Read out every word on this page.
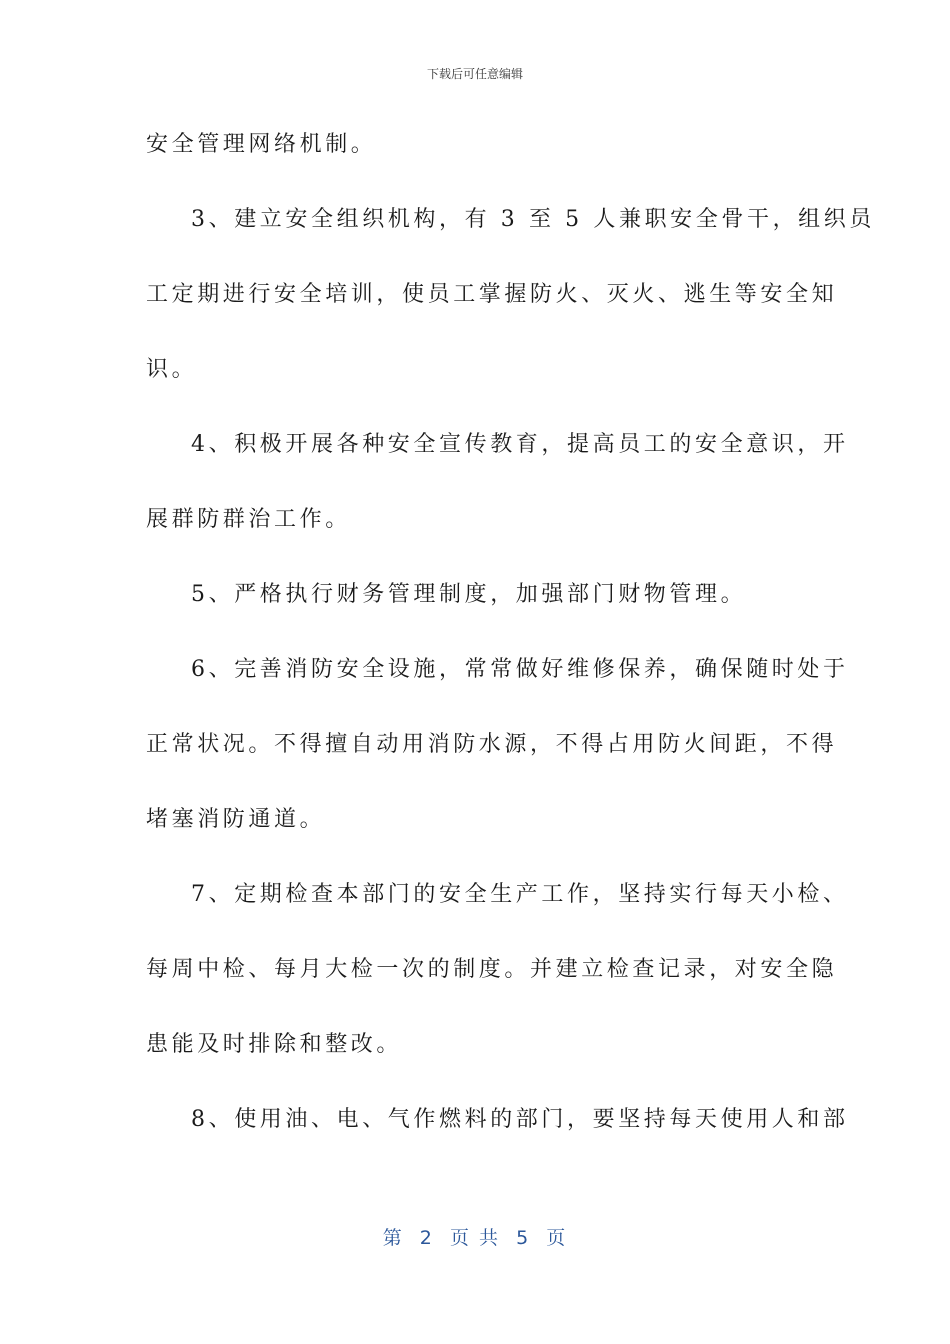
下载后可任意编辑
安全管理网络机制。
3、建立安全组织机构，有 3 至 5 人兼职安全骨干，组织员
工定期进行安全培训，使员工掌握防火、灭火、逃生等安全知
识。
4、积极开展各种安全宣传教育，提高员工的安全意识，开
展群防群治工作。
5、严格执行财务管理制度，加强部门财物管理。
6、完善消防安全设施，常常做好维修保养，确保随时处于
正常状况。不得擅自动用消防水源，不得占用防火间距，不得
堵塞消防通道。
7、定期检查本部门的安全生产工作，坚持实行每天小检、
每周中检、每月大检一次的制度。并建立检查记录，对安全隐
患能及时排除和整改。
8、使用油、电、气作燃料的部门，要坚持每天使用人和部
第  2  页 共  5  页
